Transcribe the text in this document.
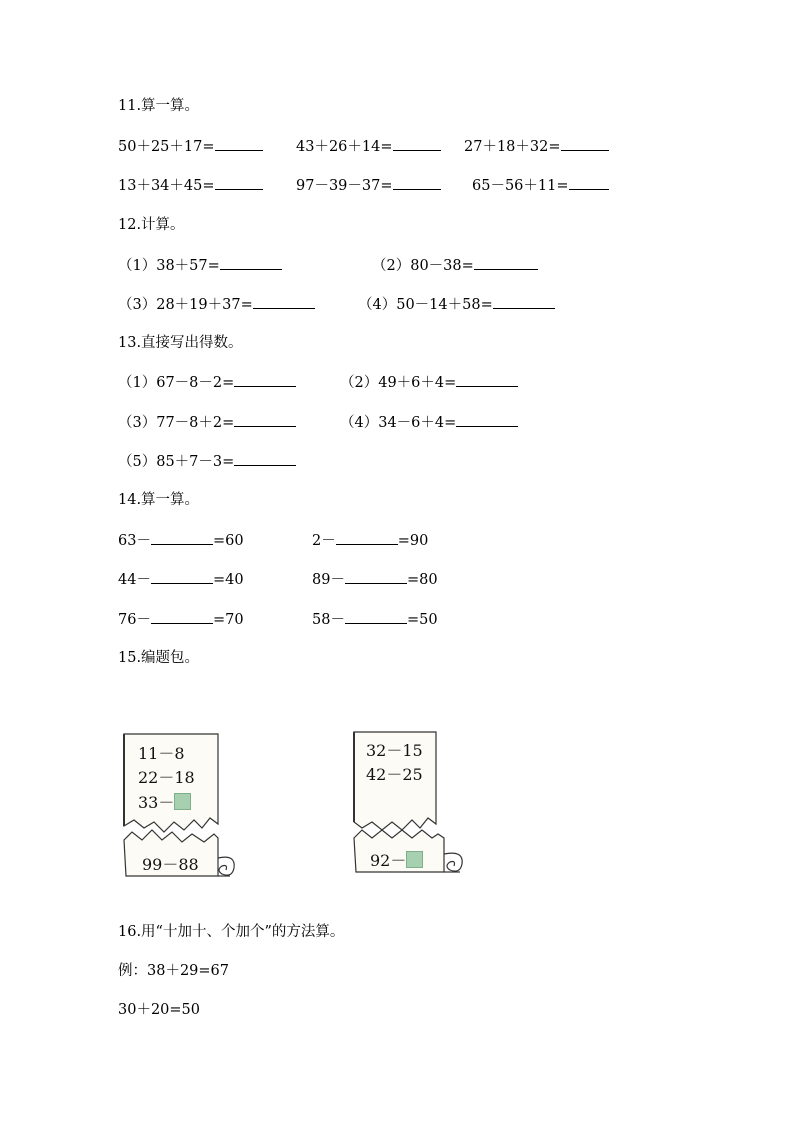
11.算一算。
50＋25＋17=	43＋26＋14=	27＋18＋32=
13＋34＋45=	97－39－37=	65－56＋11=
12.计算。
（1）38＋57=	（2）80－38=
（3）28＋19＋37=	（4）50－14＋58=
13.直接写出得数。
（1）67－8－2=	（2）49＋6＋4=
（3）77－8＋2=	（4）34－6＋4=
（5）85＋7－3=
14.算一算。
63－	=60	2－	=90
44－	=40	89－	=80
76－	=70	58－	=50
15.编题包。
11－8
22－18
33－
99－88
32－15
42－25
92－
16.用“十加十、个加个”的方法算。
例：38＋29=67
30＋20=50
